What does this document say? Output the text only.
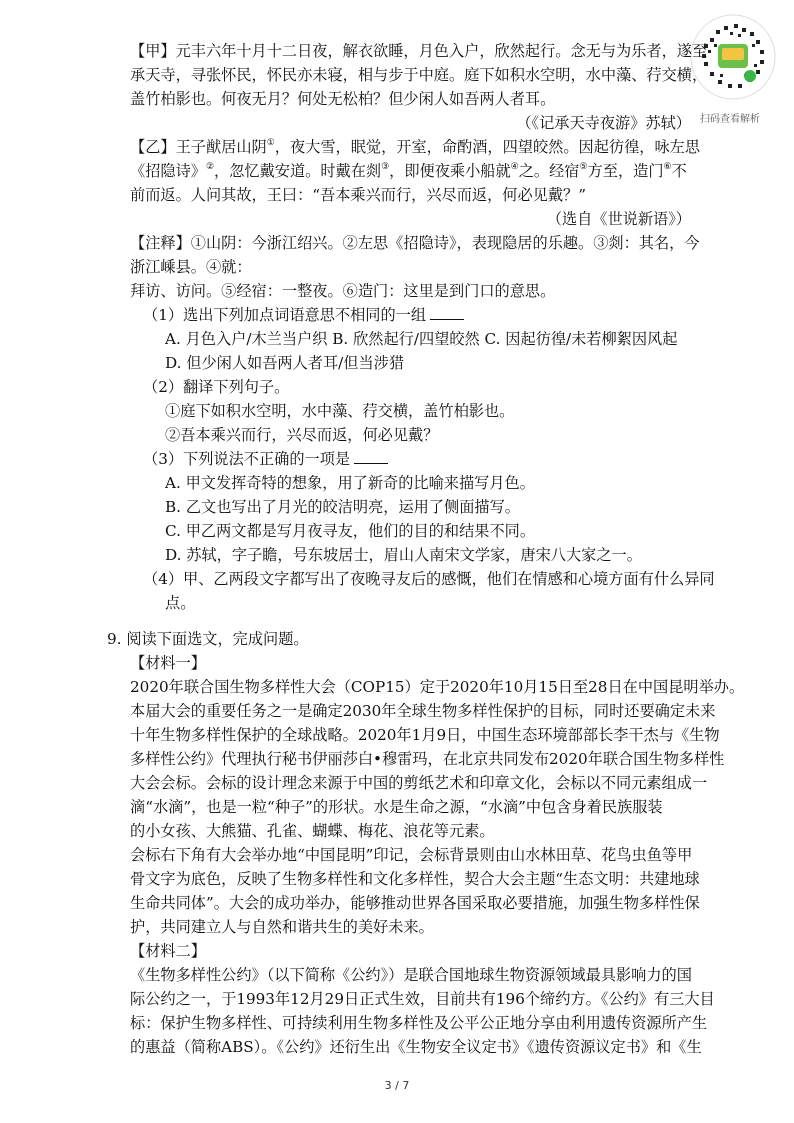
扫码查看解析
【甲】元丰六年十月十二日夜，解衣欲睡，月色入户，欣然起行。念无与为乐者，遂至
承天寺，寻张怀民，怀民亦未寝，相与步于中庭。庭下如积水空明，水中藻、荇交横，
盖竹柏影也。何夜无月？何处无松柏？但少闲人如吾两人者耳。
（《记承天寺夜游》苏轼）
【乙】王子猷居山阴①，夜大雪，眠觉，开室，命酌酒，四望皎然。因起彷徨，咏左思
《招隐诗》②，忽忆戴安道。时戴在剡③，即便夜乘小船就④之。经宿⑤方至，造门⑥不
前而返。人问其故，王曰：“吾本乘兴而行，兴尽而返，何必见戴？”
（选自《世说新语》）
【注释】①山阴：今浙江绍兴。②左思《招隐诗》，表现隐居的乐趣。③剡：其名，今
浙江嵊县。④就：
拜访、访问。⑤经宿：一整夜。⑥造门：这里是到门口的意思。
（1）选出下列加点词语意思不相同的一组
A. 月色入户/木兰当户织 B. 欣然起行/四望皎然 C. 因起彷徨/未若柳絮因风起
D. 但少闲人如吾两人者耳/但当涉猎
（2）翻译下列句子。
①庭下如积水空明，水中藻、荇交横，盖竹柏影也。
②吾本乘兴而行，兴尽而返，何必见戴？
（3）下列说法不正确的一项是
A. 甲文发挥奇特的想象，用了新奇的比喻来描写月色。
B. 乙文也写出了月光的皎洁明亮，运用了侧面描写。
C. 甲乙两文都是写月夜寻友，他们的目的和结果不同。
D. 苏轼，字子瞻，号东坡居士，眉山人南宋文学家，唐宋八大家之一。
（4）甲、乙两段文字都写出了夜晚寻友后的感慨，他们在情感和心境方面有什么异同
点。
9. 阅读下面选文，完成问题。
【材料一】
2020年联合国生物多样性大会（COP15）定于2020年10月15日至28日在中国昆明举办。
本届大会的重要任务之一是确定2030年全球生物多样性保护的目标，同时还要确定未来
十年生物多样性保护的全球战略。2020年1月9日，中国生态环境部部长李干杰与《生物
多样性公约》代理执行秘书伊丽莎白•穆雷玛，在北京共同发布2020年联合国生物多样性
大会会标。会标的设计理念来源于中国的剪纸艺术和印章文化，会标以不同元素组成一
滴“水滴”，也是一粒“种子”的形状。水是生命之源，“水滴”中包含身着民族服装
的小女孩、大熊猫、孔雀、蝴蝶、梅花、浪花等元素。
会标右下角有大会举办地“中国昆明”印记，会标背景则由山水林田草、花鸟虫鱼等甲
骨文字为底色，反映了生物多样性和文化多样性，契合大会主题“生态文明：共建地球
生命共同体”。大会的成功举办，能够推动世界各国采取必要措施，加强生物多样性保
护，共同建立人与自然和谐共生的美好未来。
【材料二】
《生物多样性公约》（以下简称《公约》）是联合国地球生物资源领域最具影响力的国
际公约之一，于1993年12月29日正式生效，目前共有196个缔约方。《公约》有三大目
标：保护生物多样性、可持续利用生物多样性及公平公正地分享由利用遗传资源所产生
的惠益（简称ABS）。《公约》还衍生出《生物安全议定书》《遗传资源议定书》和《生
3 / 7
